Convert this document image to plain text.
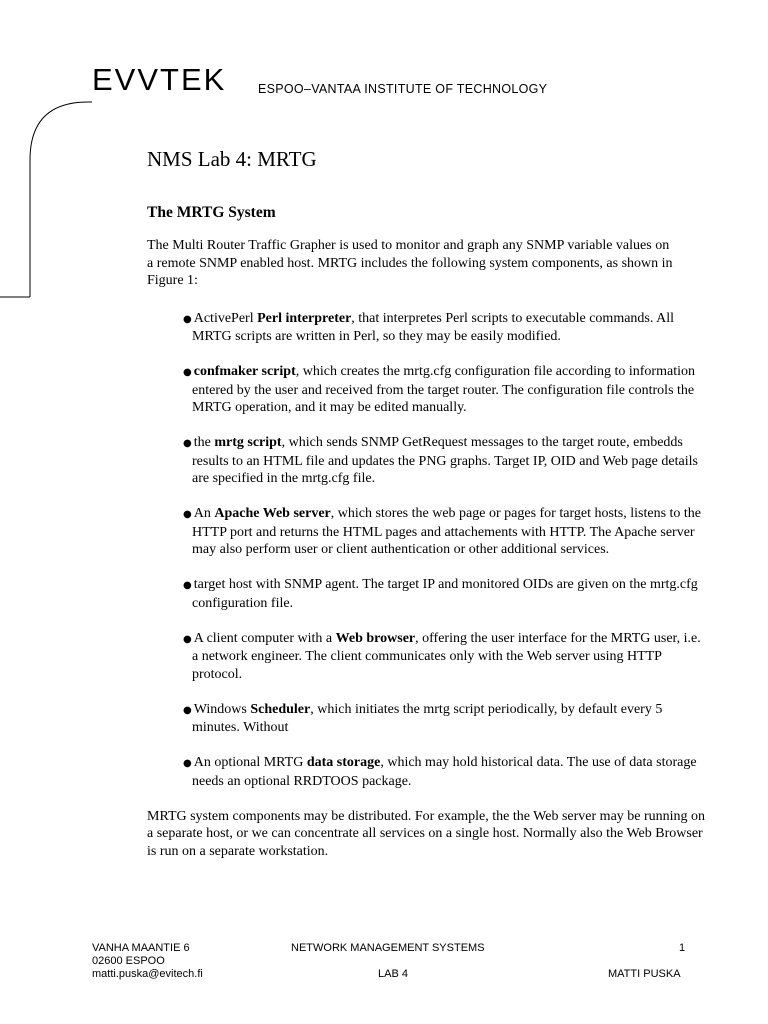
EVVTEK	ESPOO–VANTAA INSTITUTE OF TECHNOLOGY
NMS Lab 4: MRTG
The MRTG System

The Multi Router Traffic Grapher is used to monitor and graph any SNMP variable values on a remote SNMP enabled host. MRTG includes the following system components, as shown in Figure 1:

● ActivePerl Perl interpreter, that interpretes Perl scripts to executable commands. All MRTG scripts are written in Perl, so they may be easily modified.
● confmaker script, which creates the mrtg.cfg configuration file according to information entered by the user and received from the target router. The configuration file controls the MRTG operation, and it may be edited manually.
● the mrtg script, which sends SNMP GetRequest messages to the target route, embedds results to an HTML file and updates the PNG graphs. Target IP, OID and Web page details are specified in the mrtg.cfg file.
● An Apache Web server, which stores the web page or pages for target hosts, listens to the HTTP port and returns the HTML pages and attachements with HTTP. The Apache server may also perform user or client authentication or other additional services.
● target host with SNMP agent. The target IP and monitored OIDs are given on the mrtg.cfg configuration file.
● A client computer with a Web browser, offering the user interface for the MRTG user, i.e. a network engineer. The client communicates only with the Web server using HTTP protocol.
● Windows Scheduler, which initiates the mrtg script periodically, by default every 5 minutes. Without
● An optional MRTG data storage, which may hold historical data. The use of data storage needs an optional RRDTOOS package.

MRTG system components may be distributed. For example, the the Web server may be running on a separate host, or we can concentrate all services on a single host. Normally also the Web Browser is run on a separate workstation.

VANHA MAANTIE 6
02600 ESPOO
matti.puska@evitech.fi
NETWORK MANAGEMENT SYSTEMS
LAB 4
1
MATTI PUSKA
